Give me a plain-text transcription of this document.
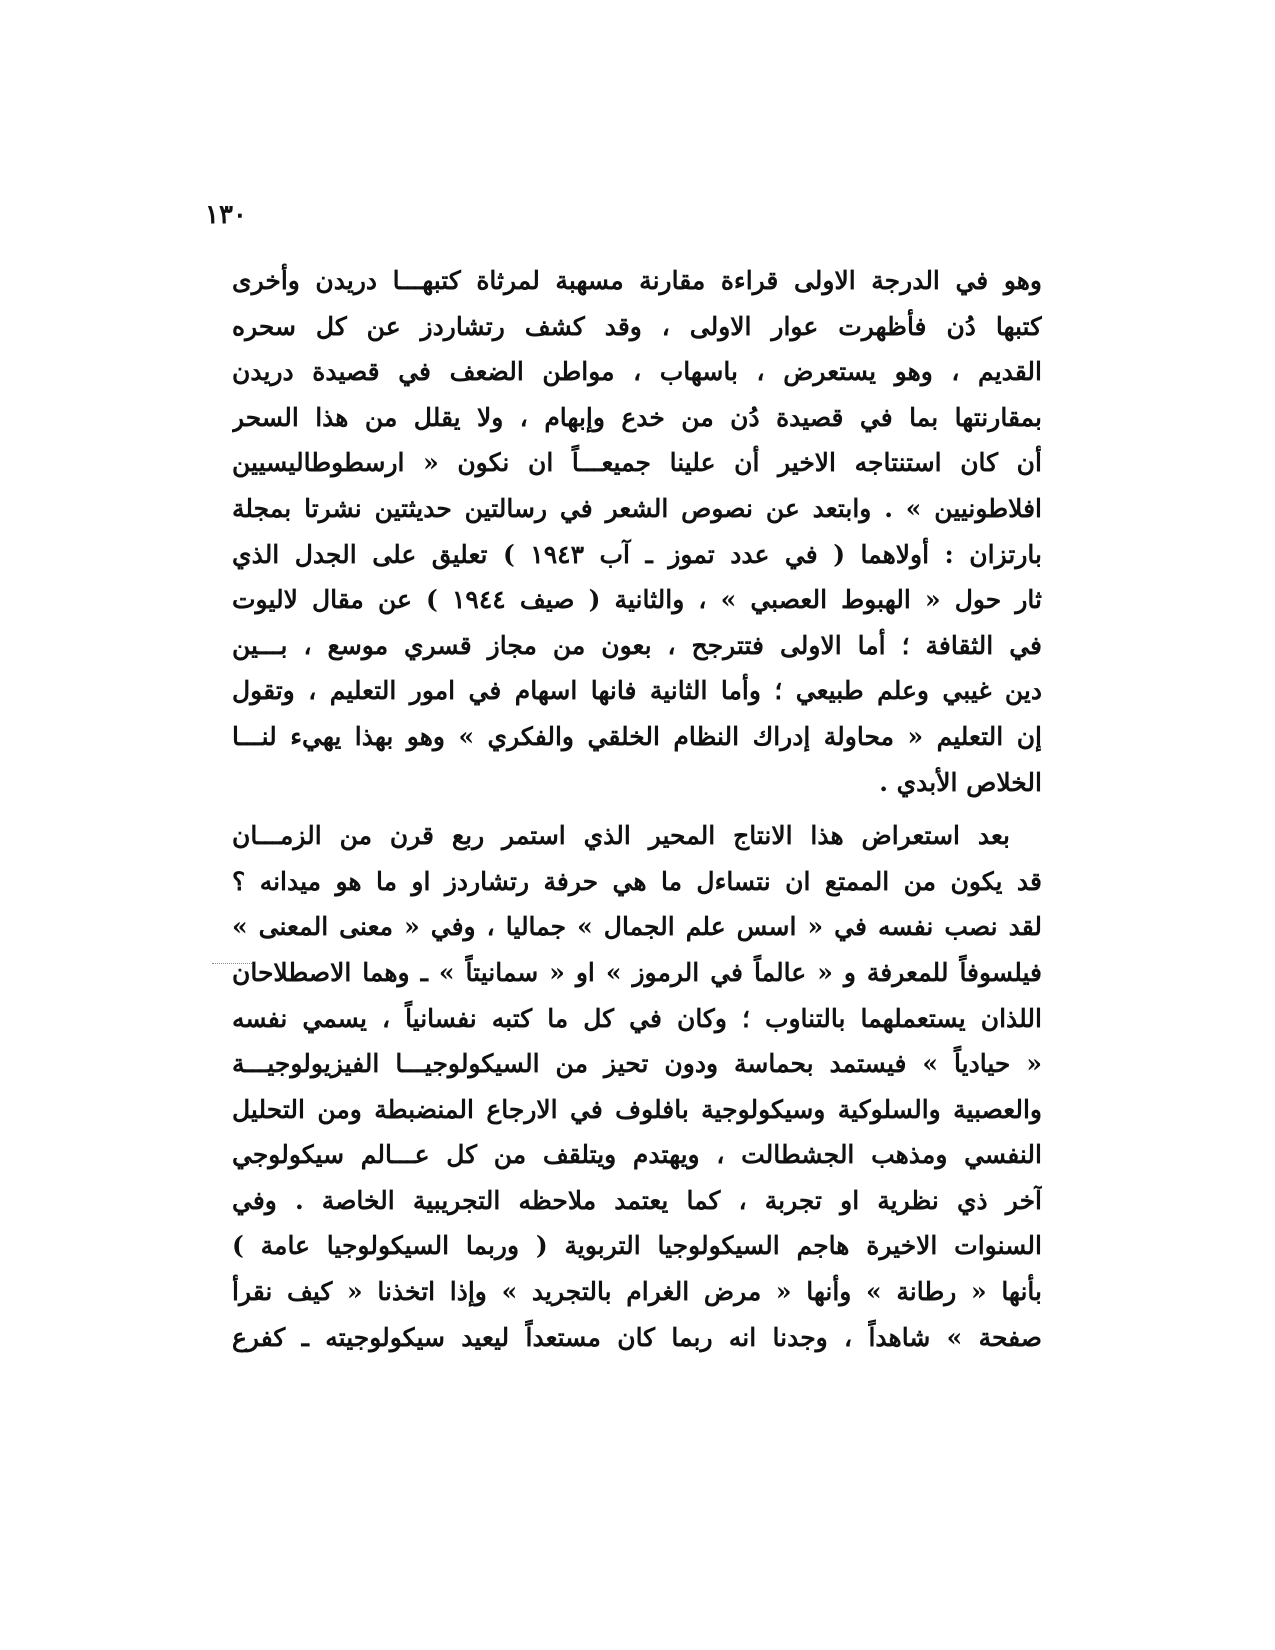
١٣٠
وهو في الدرجة الاولى قراءة مقارنة مسهبة لمرثاة كتبهـــا دريدن وأخرى
كتبها دُن فأظهرت عوار الاولى ، وقد كشف رتشاردز عن كل سحره
القديم ، وهو يستعرض ، باسهاب ، مواطن الضعف في قصيدة دريدن
بمقارنتها بما في قصيدة دُن من خدع وإبهام ، ولا يقلل من هذا السحر
أن كان استنتاجه الاخير أن علينا جميعـــاً ان نكون « ارسطوطاليسيين
افلاطونيين » . وابتعد عن نصوص الشعر في رسالتين حديثتين نشرتا بمجلة
بارتزان : أولاهما ( في عدد تموز ـ آب ١٩٤٣ ) تعليق على الجدل الذي
ثار حول « الهبوط العصبي » ، والثانية ( صيف ١٩٤٤ ) عن مقال لاليوت
في الثقافة ؛ أما الاولى فتترجح ، بعون من مجاز قسري موسع ، بـــين
دين غيبي وعلم طبيعي ؛ وأما الثانية فانها اسهام في امور التعليم ، وتقول
إن التعليم « محاولة إدراك النظام الخلقي والفكري » وهو بهذا يهيء لنـــا
الخلاص الأبدي .
بعد استعراض هذا الانتاج المحير الذي استمر ربع قرن من الزمـــان
قد يكون من الممتع ان نتساءل ما هي حرفة رتشاردز او ما هو ميدانه ؟
لقد نصب نفسه في « اسس علم الجمال » جماليا ، وفي « معنى المعنى »
فيلسوفاً للمعرفة و « عالماً في الرموز » او « سمانيتاً » ـ وهما الاصطلاحان
اللذان يستعملهما بالتناوب ؛ وكان في كل ما كتبه نفسانياً ، يسمي نفسه
« حيادياً » فيستمد بحماسة ودون تحيز من السيكولوجيـــا الفيزيولوجيـــة
والعصبية والسلوكية وسيكولوجية بافلوف في الارجاع المنضبطة ومن التحليل
النفسي ومذهب الجشطالت ، ويهتدم ويتلقف من كل عـــالم سيكولوجي
آخر ذي نظرية او تجربة ، كما يعتمد ملاحظه التجريبية الخاصة . وفي
السنوات الاخيرة هاجم السيكولوجيا التربوية ( وربما السيكولوجيا عامة )
بأنها « رطانة » وأنها « مرض الغرام بالتجريد » وإذا اتخذنا « كيف نقرأ
صفحة » شاهداً ، وجدنا انه ربما كان مستعداً ليعيد سيكولوجيته ـ كفرع
